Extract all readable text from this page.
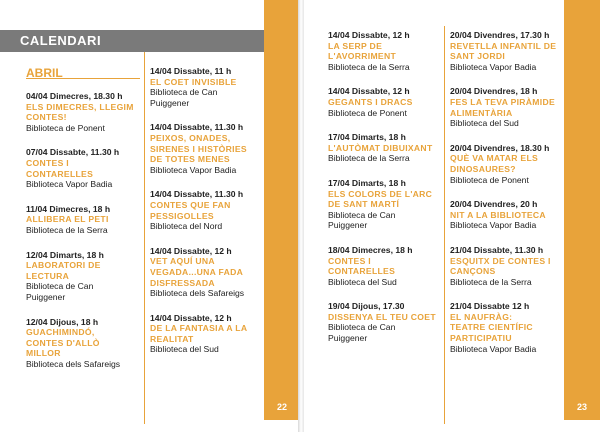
CALENDARI
ABRIL
22
04/04 Dimecres, 18.30 h
ELS DIMECRES, LLEGIM
CONTES!
Biblioteca de Ponent
07/04 Dissabte, 11.30 h
CONTES I
CONTARELLES
Biblioteca Vapor Badia
11/04 Dimecres, 18 h
ALLIBERA EL PETI
Biblioteca de la Serra
12/04 Dimarts, 18 h
LABORATORI DE
LECTURA
Biblioteca de Can
Puiggener
12/04 Dijous, 18 h
GUACHIMINDÓ,
CONTES D'ALLÒ
MILLOR
Biblioteca dels Safareigs
14/04 Dissabte, 11 h
EL COET INVISIBLE
Biblioteca de Can
Puiggener
14/04 Dissabte, 11.30 h
PEIXOS, ONADES,
SIRENES I HISTÒRIES
DE TOTES MENES
Biblioteca Vapor Badia
14/04 Dissabte, 11.30 h
CONTES QUE FAN
PESSIGOLLES
Biblioteca del Nord
14/04 Dissabte, 12 h
VET AQUÍ UNA
VEGADA...UNA FADA
DISFRESSADA
Biblioteca dels Safareigs
14/04 Dissabte, 12 h
DE LA FANTASIA A LA
REALITAT
Biblioteca del Sud
23
14/04 Dissabte, 12 h
LA SERP DE
L'AVORRIMENT
Biblioteca de la Serra
14/04 Dissabte, 12 h
GEGANTS I DRACS
Biblioteca de Ponent
17/04 Dimarts, 18 h
L'AUTÒMAT DIBUIXANT
Biblioteca de la Serra
17/04 Dimarts, 18 h
ELS COLORS DE L'ARC
DE SANT MARTÍ
Biblioteca de Can
Puiggener
18/04 Dimecres, 18 h
CONTES I
CONTARELLES
Biblioteca del Sud
19/04 Dijous, 17.30
DISSENYA EL TEU COET
Biblioteca de Can
Puiggener
20/04 Divendres, 17.30 h
REVETLLA INFANTIL DE
SANT JORDI
Biblioteca Vapor Badia
20/04 Divendres, 18 h
FES LA TEVA PIRÀMIDE
ALIMENTÀRIA
Biblioteca del Sud
20/04 Divendres, 18.30 h
QUÈ VA MATAR ELS
DINOSAURES?
Biblioteca de Ponent
20/04 Divendres, 20 h
NIT A LA BIBLIOTECA
Biblioteca Vapor Badia
21/04 Dissabte, 11.30 h
ESQUITX DE CONTES I
CANÇONS
Biblioteca de la Serra
21/04 Dissabte 12 h
EL NAUFRÀG:
TEATRE CIENTÍFIC
PARTICIPATIU
Biblioteca Vapor Badia
